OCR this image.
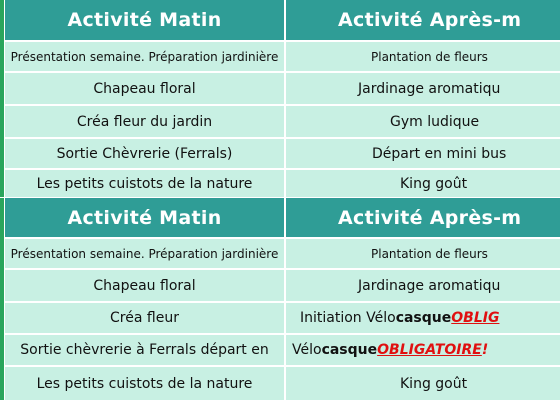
Activité Matin	Activité Après-m
Présentation semaine. Préparation jardinière	Plantation de fleurs
Chapeau floral	Jardinage aromatiqu
Créa fleur du jardin	Gym ludique
Sortie Chèvrerie (Ferrals)	Départ en mini bus
Les petits cuistots de la nature	King goût
Activité Matin	Activité Après-m
Présentation semaine. Préparation jardinière	Plantation de fleurs
Chapeau floral	Jardinage aromatiqu
Créa fleur	Initiation Vélo casque OBLIG
Sortie chèvrerie à Ferrals départ en	Vélo casque OBLIGATOIRE !
Les petits cuistots de la nature	King goût
